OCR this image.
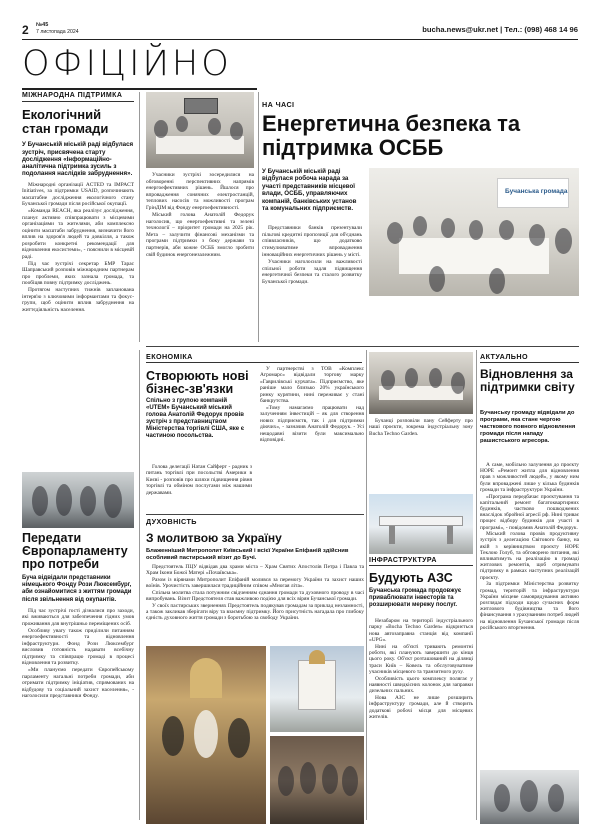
2 №45
7 листопада 2024	bucha.news@ukr.net | Тел.: (098) 468 14 96
ОФІЦІЙНО
МІЖНАРОДНА ПІДТРИМКА
Екологічний стан громади
У Бучанській міській раді відбулася зустріч, присвячена старту дослідження «Інформаційно-аналітична підтримка зусиль з подолання наслідків забруднення».

Міжнародні організації ACTED та IMPACT Initiatives, за підтримки USAID, розпочинають масштабне дослідження екологічного стану Бучанської громади після російської окупації.

«Команда REACH, яка реалізує дослідження, планує активно співпрацювати з місцевими організаціями та жителями, аби комплексно оцінити масштаби забруднення, визначити його вплив на здоров'я людей та довкілля, а також розробити конкретні рекомендації для відновлення екосистеми», - пояснили в місцевій раді.

Під час зустрічі секретар БМР Тарас Шаправський розповів міжнародним партнерам про проблеми, яких зазнала громада, та пообіцяв повну підтримку досліджень.

Протягом наступних тижнів запланована інтерв'ю з ключовими інформантами та фокус-групи, щоб оцінити вплив забруднення на життєдіяльність населення.

Учасники зустрічі зосередилися на обговоренні перспективних напрямів енергоефективних рішень. Йшлося про впровадження сонячних електростанцій, теплових насосів та можливості програм ГрінДІМ від Фонду енергоефективності.

Міський голова Анатолій Федорук наголосив, що енергоефективні та зелені технології – пріоритет громади на 2025 рік. Мета – залучити фінансові механізми та програми підтримки з боку держави та партнерів, аби кожне ОСББ змогло зробити свій будинок енергонезалежним.

НА ЧАСІ
Енергетична безпека та підтримка ОСББ
У Бучанській міській раді відбулася робоча нарада за участі представників місцевої влади, ОСББ, управляючих компаній, банківських установ та комунальних підприємств.

Представники банків презентували пільгові кредитні пропозиції для об'єднань співвласників, що додатково стимулюватиме впровадження інноваційних енергетичних рішень у місті.

Учасники наголосили на важливості спільної роботи задля підвищення енергетичної безпеки та сталого розвитку Бучанської громади.

Бучанська громада
Передати Європарламенту про потреби
Буча відвідали представники німецького Фонду Рози Люксембург, аби ознайомитися з життям громади після звільнення від окупантів.

Під час зустрічі гості дізналися про заходи, які вживаються для забезпечення гідних умов проживання для внутрішньо переміщених осіб.

Особливу увагу також приділили питанням енергоефективності та відновлення інфраструктури. Фонд Рози Люксембург висловив готовність надавати всебічну підтримку та співпрацю громаді в процесі відновлення та розвитку.

«Ми плануємо передати Європейському парламенту нагальні потреби громади, аби отримати підтримку ініціатив, спрямованих на відбудову та соціальний захист населення», - наголосили представники Фонду.

ЕКОНОМІКА
Створюють нові бізнес-зв'язки
Спільно з групою компаній «UTEM» Бучанський міський голова Анатолій Федорук провів зустріч з представництвом Міністерства торгівлі США, яке є частиною посольства.

Голова делегації Натан Сайферт - радник з питань торгівлі при посольстві Америки в Києві - розповів про шляхи підвищення рівня торгівлі та обміном послугами між нашими державами.

У партнерстві з ТОВ «Комплекс Агромарс» відвідали торгову марку «Гаврилівські курчата». Підприємство, яке раніше мало близько 20% українського ринку курятини, нині переживає у стані банкрутства.

«Тому намагаємо працювати над залученням інвестицій – як для створення нових підприємств, так і для підтримки діючих», - зазначив Анатолій Федорук. - Усі нещодавні візити були максимально відповідні.

Бучанці розповіли пану Сейферту про наші проєкти, зокрема індустріальну зону Bucha Techno Garden.

ДУХОВНІСТЬ
З молитвою за Україну
Блаженніший Митрополит Київський і всієї України Епіфаній здійснив особливий пастирський візит до Бучі.

Предстоятель ПЦУ відвідав два храми міста – Храм Святих Апостолів Петра і Павла та Храм Ікони Божої Матері «Почаївська».

Разом із вірянами Митрополит Епіфаній молився за перемогу України та захист наших воїнів. Урочистість завершилася традиційним співом «Многая літа».

Спільна молитва стала потужним свідченням єднання громади та духовного проводу в часі випробувань. Візит Предстоятеля став важливою подією для всіх вірян Бучанської громади.

У своїх пастирських зверненнях Предстоятель подякував громадам за приклад незламності, а також закликав зберігати віру та взаємну підтримку. Його присутність нагадала про глибоку єдність духовного життя громади з боротьбою за свободу України.

ІНФРАСТРУКТУРА
Будують АЗС
Бучанська громада продовжує приваблювати інвесторів та розширювати мережу послуг.

Незабаром на території індустріального парку «Bucha Techno Garden» відкриється нова автозаправна станція від компанії «UPG».

Нині на об'єкті тривають ремонтні роботи, які планують завершити до кінця цього року. Об'єкт розташований на ділянці траси Київ – Ковель та обслуговуватиме учасників місцевого та транзитного руху.

Особливість цього комплексу полягає у наявності швидкісних колонок для заправки дизельних пальних.

Нова АЗС не лише розширить інфраструктуру громади, але й створить додаткові робочі місця для місцевих жителів.

АКТУАЛЬНО
Відновлення за підтримки світу
Бучанську громаду відвідали до програми, яка стане чергою часткового повного відновлення громади після нападу рашистського агресора.

А саме, мобільно залучення до проєкту HOPE «Ремонт житла для відновлення прав з можливостей людей», у якому ним були впроваджені лише у кілька будинків громади та інфраструктури України.

«Програма передбачає проєктування та капітальний ремонт багатоквартирних будинків, частково пошкоджених внаслідок збройної агресії рф. Нині триває процес відбору будинків для участі в програмі», - повідомив Анатолій Федорук.

Міський голова провів продуктивну зустріч з делегацією Світового банку, на якій з керівництвом проєкту HOPE Теклою Голуб, та обговорено питання, які впливатимуть на реалізацію в громаді житлових ремонтів, щоб отримувати підтримку в рамках наступних реалізацій проєкту.

За підтримки Міністерства розвитку громад, територій та інфраструктури України місцеве самоврядування активно розглядає підходи щодо сучасних форм житлового будівництва та його фінансування з урахуванням потреб людей на відновлення Бучанської громади після російського вторгнення.
